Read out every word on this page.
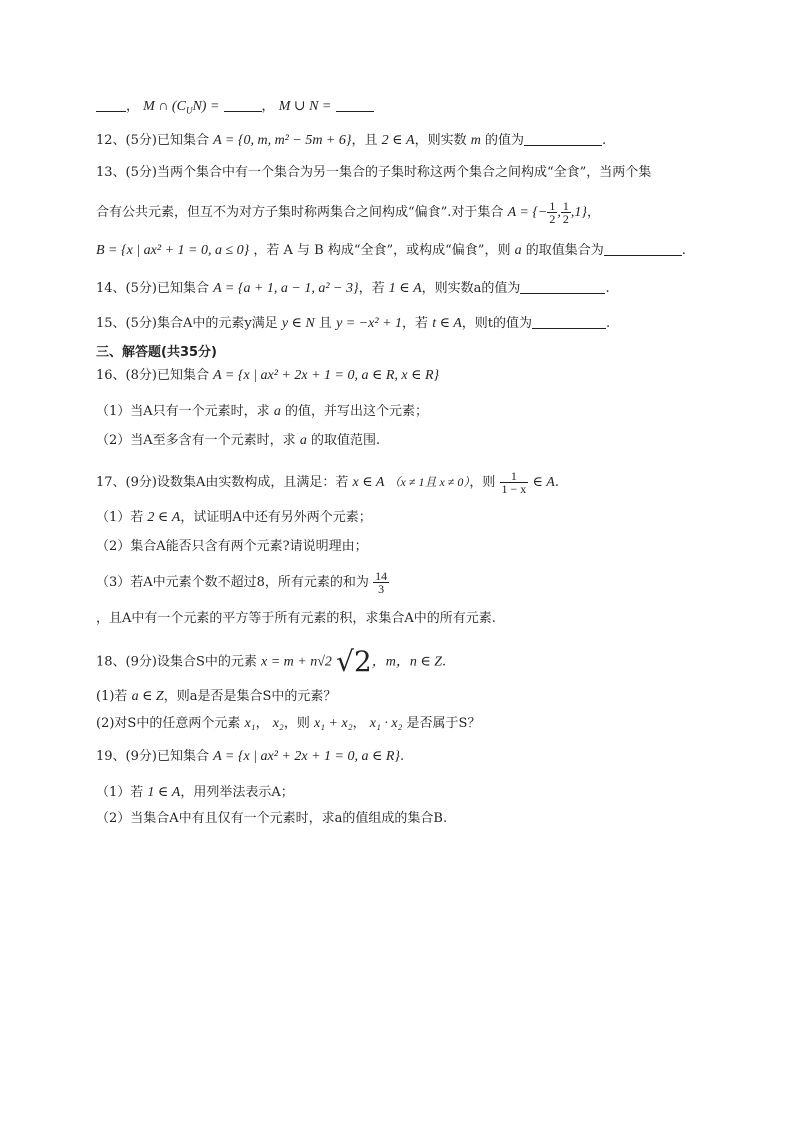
， M ∩ $(C_UN)$ =	， M ∪ N =
12、(5分)已知集合 A = {0, m, m² − 5m + 6}，且 2 ∈ A，则实数 m 的值为	.
13、(5分)当两个集合中有一个集合为另一集合的子集时称这两个集合之间构成“全食”，当两个集
合有公共元素，但互不为对方子集时称两集合之间构成“偏食”.对于集合 A = {− $\frac{1}{2}$ , $\frac{1}{2} ,1$}，
B = {x | ax² + 1 = 0, a ≤ 0} ，若 A 与 B 构成“全食”，或构成“偏食”，则 a 的取值集合为	.
14、(5分)已知集合 A = {a + 1, a − 1, a² − 3}，若 1 ∈ A，则实数a的值为	.
15、(5分)集合A中的元素y满足 y ∈ N 且 y = −x² + 1，若 t ∈ A，则t的值为	.
三、解答题(共35分)
16、(8分)已知集合 A = {x | ax² + 2x + 1 = 0, a ∈ R, x ∈ R}
（1）当A只有一个元素时，求 a 的值，并写出这个元素；
（2）当A至多含有一个元素时，求 a 的取值范围.
17、(9分)设数集A由实数构成，且满足：若 x ∈ A （x ≠ 1且 x ≠ 0），则 $\frac{1}{1 - x}$ ∈ A.
（1）若 2 ∈ A，试证明A中还有另外两个元素；
（2）集合A能否只含有两个元素?请说明理由；
（3）若A中元素个数不超过8，所有元素的和为 $\frac{14}{3}$
，且A中有一个元素的平方等于所有元素的积，求集合A中的所有元素.
18、(9分)设集合S中的元素 x = m + n√2 √2，m，n ∈ Z.
(1)若 a ∈ Z，则a是否是集合S中的元素？
(2)对S中的任意两个元素 x₁， x₂，则 x₁ + x₂， x₁ · x₂ 是否属于S？
19、(9分)已知集合 A = {x | ax² + 2x + 1 = 0, a ∈ R}.
（1）若 1 ∈ A，用列举法表示A；
（2）当集合A中有且仅有一个元素时，求a的值组成的集合B.
